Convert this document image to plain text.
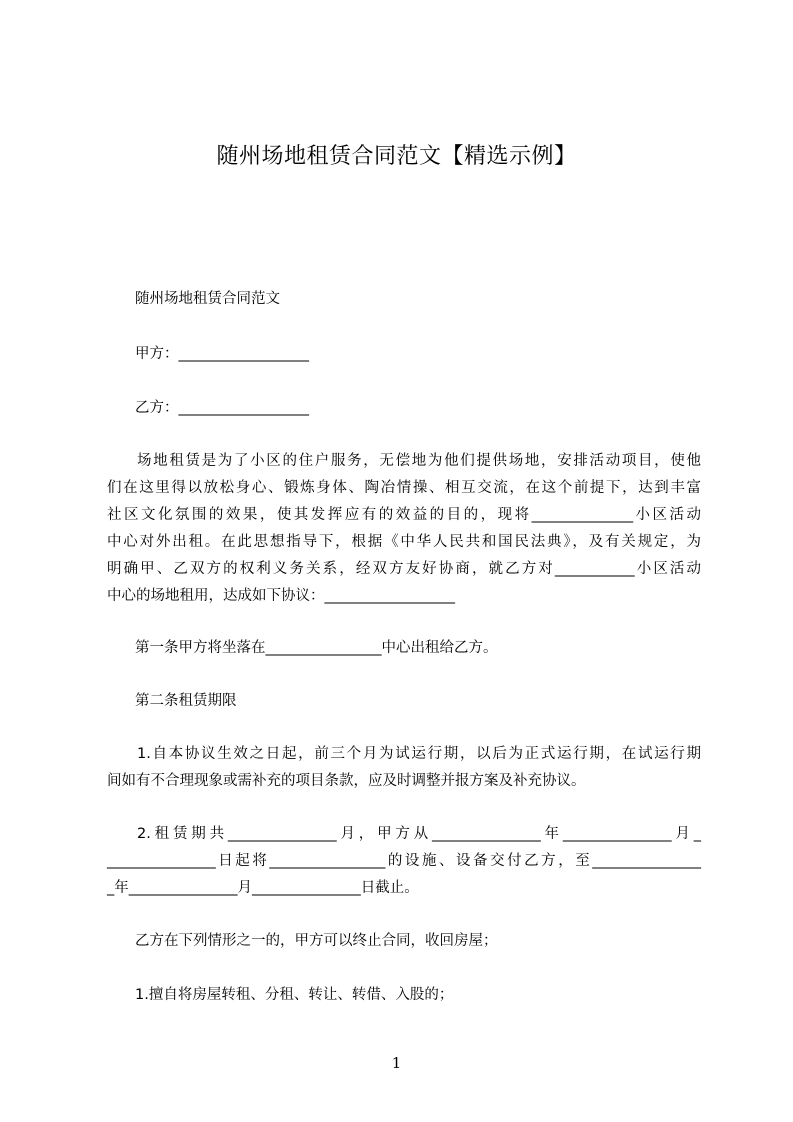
随州场地租赁合同范文【精选示例】
随州场地租赁合同范文
甲方：__________________
乙方：__________________
场地租赁是为了小区的住户服务，无偿地为他们提供场地，安排活动项目，使他
们在这里得以放松身心、锻炼身体、陶冶情操、相互交流，在这个前提下，达到丰富
社区文化氛围的效果，使其发挥应有的效益的目的，现将______________小区活动
中心对外出租。在此思想指导下，根据《中华人民共和国民法典》，及有关规定，为
明确甲、乙双方的权利义务关系，经双方友好协商，就乙方对___________小区活动
中心的场地租用，达成如下协议：__________________
第一条甲方将坐落在________________中心出租给乙方。
第二条租赁期限
1.自本协议生效之日起，前三个月为试运行期，以后为正式运行期，在试运行期
间如有不合理现象或需补充的项目条款，应及时调整并报方案及补充协议。
2.租赁期共_______________月，甲方从_______________年_______________月_
_______________日起将________________的设施、设备交付乙方，至_______________
_年_______________月_______________日截止。
乙方在下列情形之一的，甲方可以终止合同，收回房屋；
1.擅自将房屋转租、分租、转让、转借、入股的；
1
